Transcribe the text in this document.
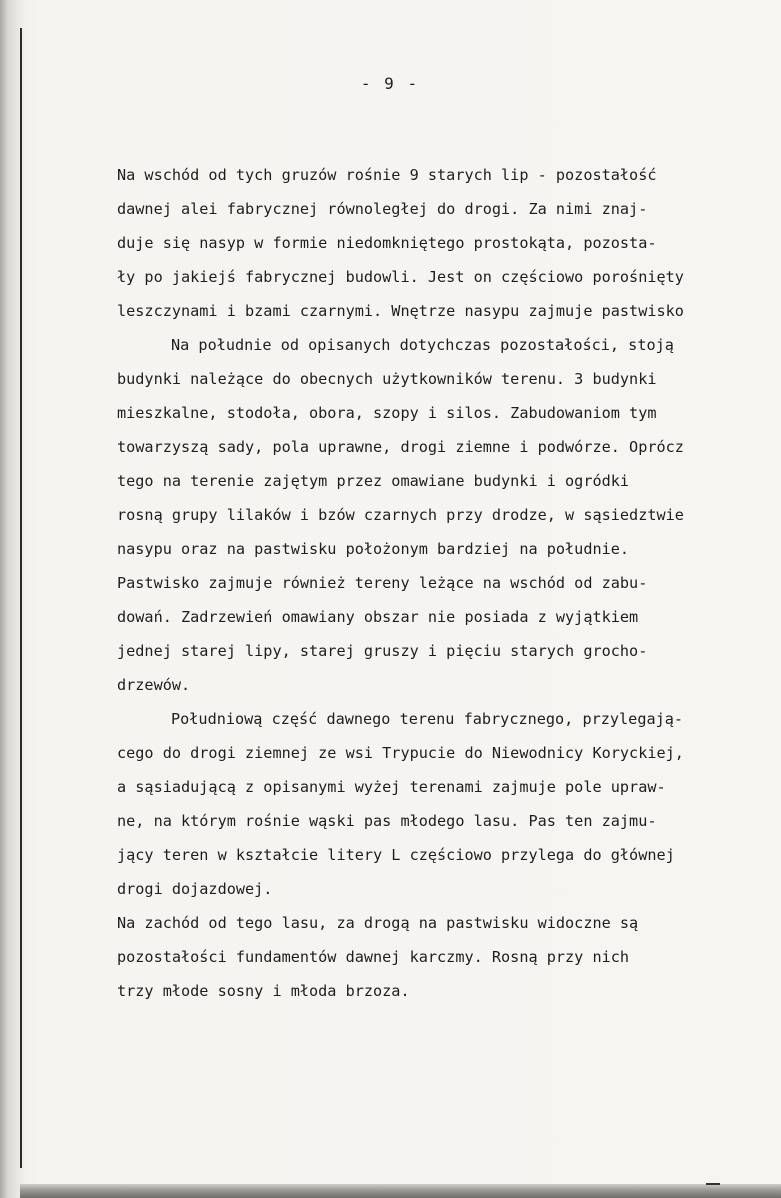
- 9 -
Na wschód od tych gruzów rośnie 9 starych lip - pozostałość
dawnej alei fabrycznej równoległej do drogi. Za nimi znaj-
duje się nasyp w formie niedomkniętego prostokąta, pozosta-
ły po jakiejś fabrycznej budowli. Jest on częściowo porośnięty
leszczynami i bzami czarnymi. Wnętrze nasypu zajmuje pastwisko
Na południe od opisanych dotychczas pozostałości, stoją
budynki należące do obecnych użytkowników terenu. 3 budynki
mieszkalne, stodoła, obora, szopy i silos. Zabudowaniom tym
towarzyszą sady, pola uprawne, drogi ziemne i podwórze. Oprócz
tego na terenie zajętym przez omawiane budynki i ogródki
rosną grupy lilaków i bzów czarnych przy drodze, w sąsiedztwie
nasypu oraz na pastwisku położonym bardziej na południe.
Pastwisko zajmuje również tereny leżące na wschód od zabu-
dowań. Zadrzewień omawiany obszar nie posiada z wyjątkiem
jednej starej lipy, starej gruszy i pięciu starych grocho-
drzewów.
Południową część dawnego terenu fabrycznego, przylegają-
cego do drogi ziemnej ze wsi Trypucie do Niewodnicy Koryckiej,
a sąsiadującą z opisanymi wyżej terenami zajmuje pole upraw-
ne, na którym rośnie wąski pas młodego lasu. Pas ten zajmu-
jący teren w kształcie litery L częściowo przylega do głównej
drogi dojazdowej.
Na zachód od tego lasu, za drogą na pastwisku widoczne są
pozostałości fundamentów dawnej karczmy. Rosną przy nich
trzy młode sosny i młoda brzoza.
